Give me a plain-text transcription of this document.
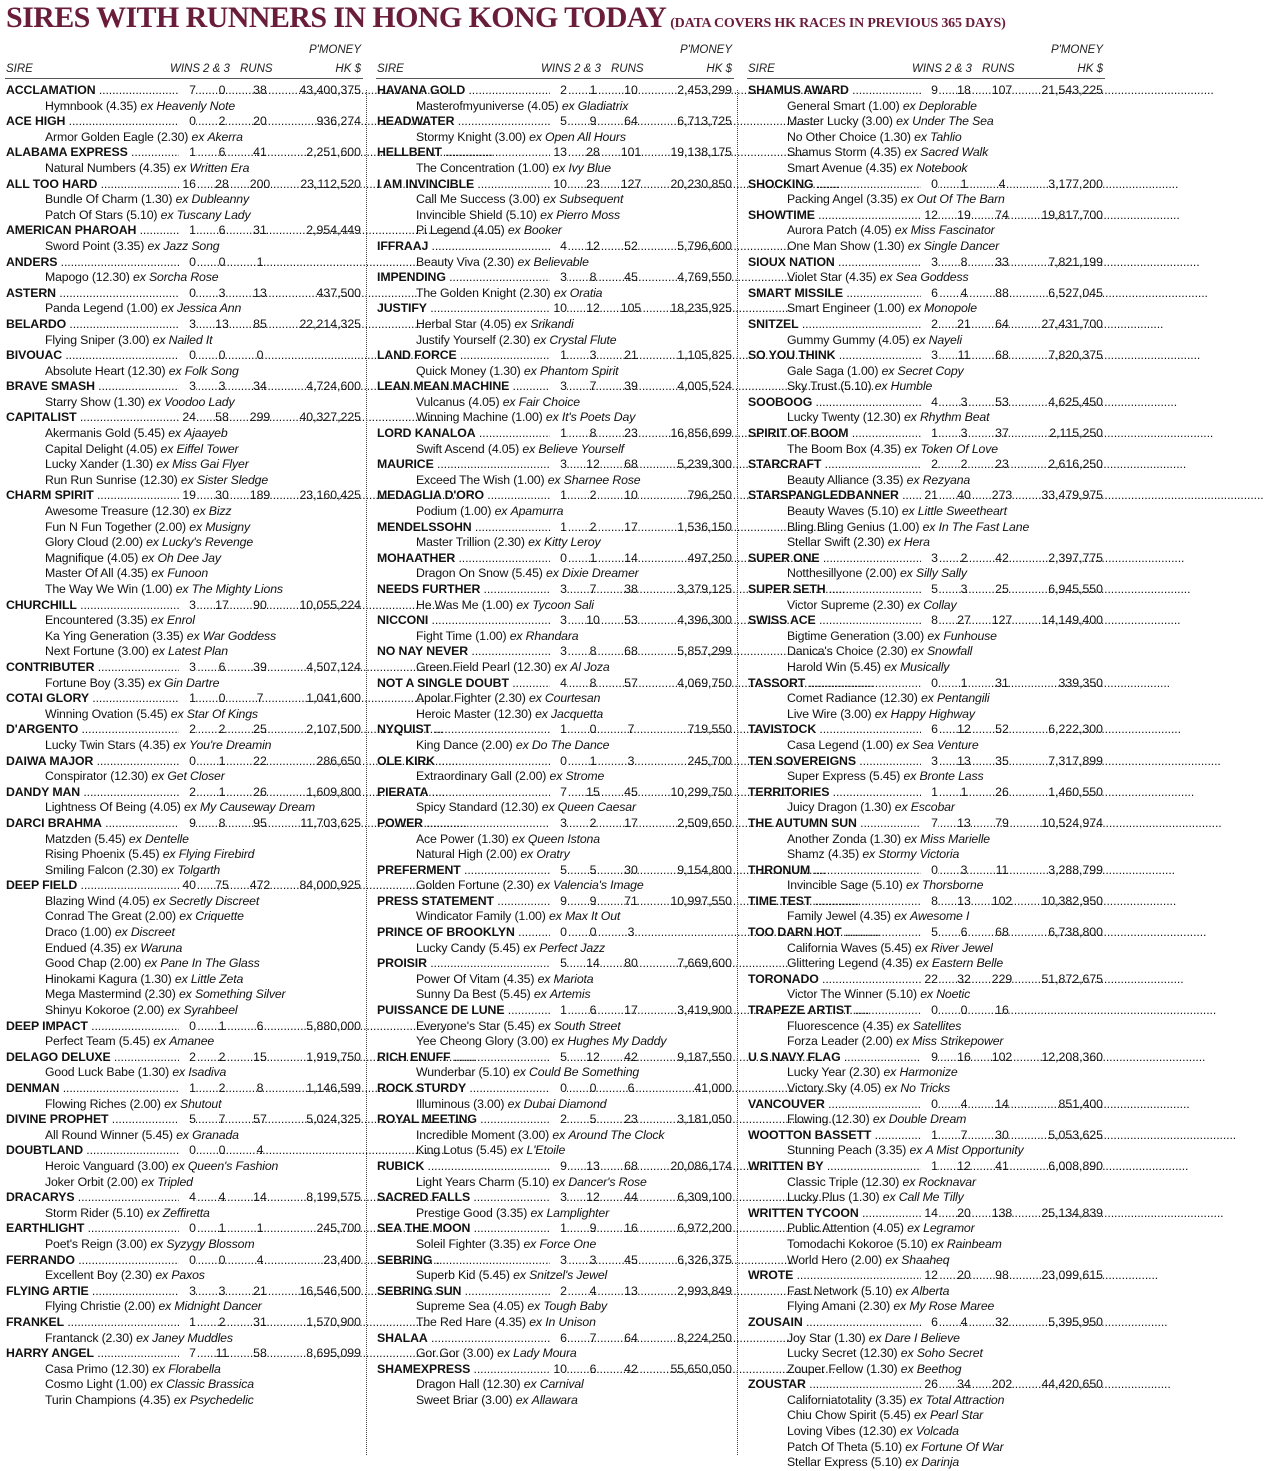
SIRES WITH RUNNERS IN HONG KONG TODAY (DATA COVERS HK RACES IN PREVIOUS 365 DAYS)
SIRE	WINS 2 & 3 RUNS
P'MONEY
HK $
ACCLAMATION .....	7	0	38	43,400,375
Hymnbook (4.35) ex Heavenly Note
ACE HIGH .....	0	2	20	936,274
Armor Golden Eagle (2.30) ex Akerra
ALABAMA EXPRESS .....	1	6	41	2,251,600
Natural Numbers (4.35) ex Written Era
ALL TOO HARD .....	16	28	200	23,112,520
Bundle Of Charm (1.30) ex Dubleanny
Patch Of Stars (5.10) ex Tuscany Lady
AMERICAN PHAROAH .....	1	6	31	2,954,449
Sword Point (3.35) ex Jazz Song
ANDERS .....	0	0	1
Mapogo (12.30) ex Sorcha Rose
ASTERN .....	0	3	13	437,500
Panda Legend (1.00) ex Jessica Ann
BELARDO .....	3	13	85	22,214,325
Flying Sniper (3.00) ex Nailed It
BIVOUAC .....	0	0	0
Absolute Heart (12.30) ex Folk Song
BRAVE SMASH .....	3	3	34	4,724,600
Starry Show (1.30) ex Voodoo Lady
CAPITALIST .....	24	58	299	40,327,225
Akermanis Gold (5.45) ex Ajaayeb
Capital Delight (4.05) ex Eiffel Tower
Lucky Xander (1.30) ex Miss Gai Flyer
Run Run Sunrise (12.30) ex Sister Sledge
CHARM SPIRIT .....	19	30	189	23,160,425
Awesome Treasure (12.30) ex Bizz
Fun N Fun Together (2.00) ex Musigny
Glory Cloud (2.00) ex Lucky's Revenge
Magnifique (4.05) ex Oh Dee Jay
Master Of All (4.35) ex Funoon
The Way We Win (1.00) ex The Mighty Lions
CHURCHILL .....	3	17	90	10,055,224
Encountered (3.35) ex Enrol
Ka Ying Generation (3.35) ex War Goddess
Next Fortune (3.00) ex Latest Plan
CONTRIBUTER .....	3	6	39	4,507,124
Fortune Boy (3.35) ex Gin Dartre
COTAI GLORY .....	1	0	7	1,041,600
Winning Ovation (5.45) ex Star Of Kings
D'ARGENTO .....	2	2	25	2,107,500
Lucky Twin Stars (4.35) ex You're Dreamin
DAIWA MAJOR .....	0	1	22	286,650
Conspirator (12.30) ex Get Closer
DANDY MAN .....	2	1	26	1,609,800
Lightness Of Being (4.05) ex My Causeway Dream
DARCI BRAHMA .....	9	8	95	11,703,625
Matzden (5.45) ex Dentelle
Rising Phoenix (5.45) ex Flying Firebird
Smiling Falcon (2.30) ex Tolgarth
DEEP FIELD .....	40	75	472	84,000,925
Blazing Wind (4.05) ex Secretly Discreet
Conrad The Great (2.00) ex Criquette
Draco (1.00) ex Discreet
Endued (4.35) ex Waruna
Good Chap (2.00) ex Pane In The Glass
Hinokami Kagura (1.30) ex Little Zeta
Mega Mastermind (2.30) ex Something Silver
Shinyu Kokoroe (2.00) ex Syrahbeel
DEEP IMPACT .....	0	1	6	5,880,000
Perfect Team (5.45) ex Amanee
DELAGO DELUXE .....	2	2	15	1,919,750
Good Luck Babe (1.30) ex Isadiva
DENMAN .....	1	2	8	1,146,599
Flowing Riches (2.00) ex Shutout
DIVINE PROPHET .....	5	7	57	5,024,325
All Round Winner (5.45) ex Granada
DOUBTLAND .....	0	0	4
Heroic Vanguard (3.00) ex Queen's Fashion
Joker Orbit (2.00) ex Tripled
DRACARYS .....	4	4	14	8,199,575
Storm Rider (5.10) ex Zeffiretta
EARTHLIGHT .....	0	1	1	245,700
Poet's Reign (3.00) ex Syzygy Blossom
FERRANDO .....	0	0	4	23,400
Excellent Boy (2.30) ex Paxos
FLYING ARTIE .....	3	3	21	16,546,500
Flying Christie (2.00) ex Midnight Dancer
FRANKEL .....	1	2	31	1,570,900
Frantanck (2.30) ex Janey Muddles
HARRY ANGEL .....	7	11	58	8,695,099
Casa Primo (12.30) ex Florabella
Cosmo Light (1.00) ex Classic Brassica
Turin Champions (4.35) ex Psychedelic
SIRE	WINS 2 & 3 RUNS
P'MONEY
HK $
HAVANA GOLD .....	2	1	10	2,453,299
Masterofmyuniverse (4.05) ex Gladiatrix
HEADWATER .....	5	9	64	6,713,725
Stormy Knight (3.00) ex Open All Hours
HELLBENT .....	13	28	101	19,138,175
The Concentration (1.00) ex Ivy Blue
I AM INVINCIBLE .....	10	23	127	20,230,850
Call Me Success (3.00) ex Subsequent
Invincible Shield (5.10) ex Pierro Moss
Pi Legend (4.05) ex Booker
IFFRAAJ .....	4	12	52	5,796,600
Beauty Viva (2.30) ex Believable
IMPENDING .....	3	8	45	4,769,550
The Golden Knight (2.30) ex Oratia
JUSTIFY .....	10	12	105	18,235,925
Herbal Star (4.05) ex Srikandi
Justify Yourself (2.30) ex Crystal Flute
LAND FORCE .....	1	3	21	1,105,825
Quick Money (1.30) ex Phantom Spirit
LEAN MEAN MACHINE .....	3	7	39	4,005,524
Vulcanus (4.05) ex Fair Choice
Winning Machine (1.00) ex It's Poets Day
LORD KANALOA .....	1	8	23	16,856,699
Swift Ascend (4.05) ex Believe Yourself
MAURICE .....	3	12	68	5,239,300
Exceed The Wish (1.00) ex Sharnee Rose
MEDAGLIA D'ORO .....	1	2	10	796,250
Podium (1.00) ex Apamurra
MENDELSSOHN .....	1	2	17	1,536,150
Master Trillion (2.30) ex Kitty Leroy
MOHAATHER .....	0	1	14	497,250
Dragon On Snow (5.45) ex Dixie Dreamer
NEEDS FURTHER .....	3	7	38	3,379,125
He Was Me (1.00) ex Tycoon Sali
NICCONI .....	3	10	53	4,396,300
Fight Time (1.00) ex Rhandara
NO NAY NEVER .....	3	8	68	5,857,299
Green Field Pearl (12.30) ex Al Joza
NOT A SINGLE DOUBT .....	4	8	57	4,069,750
Apolar Fighter (2.30) ex Courtesan
Heroic Master (12.30) ex Jacquetta
NYQUIST .....	1	0	7	719,550
King Dance (2.00) ex Do The Dance
OLE KIRK .....	0	1	3	245,700
Extraordinary Gall (2.00) ex Strome
PIERATA .....	7	15	45	10,299,750
Spicy Standard (12.30) ex Queen Caesar
POWER .....	3	2	17	2,509,650
Ace Power (1.30) ex Queen Istona
Natural High (2.00) ex Oratry
PREFERMENT .....	5	5	30	9,154,800
Golden Fortune (2.30) ex Valencia's Image
PRESS STATEMENT .....	9	9	71	10,997,550
Windicator Family (1.00) ex Max It Out
PRINCE OF BROOKLYN .....	0	0	3
Lucky Candy (5.45) ex Perfect Jazz
PROISIR .....	5	14	80	7,669,600
Power Of Vitam (4.35) ex Mariota
Sunny Da Best (5.45) ex Artemis
PUISSANCE DE LUNE .....	1	6	17	3,419,900
Everyone's Star (5.45) ex South Street
Yee Cheong Glory (3.00) ex Hughes My Daddy
RICH ENUFF .....	5	12	42	9,187,550
Wunderbar (5.10) ex Could Be Something
ROCK STURDY .....	0	0	6	41,000
Illuminous (3.00) ex Dubai Diamond
ROYAL MEETING .....	2	5	23	3,181,050
Incredible Moment (3.00) ex Around The Clock
King Lotus (5.45) ex L'Etoile
RUBICK .....	9	13	68	20,086,174
Light Years Charm (5.10) ex Dancer's Rose
SACRED FALLS .....	3	12	44	6,309,100
Prestige Good (3.35) ex Lamplighter
SEA THE MOON .....	1	9	16	6,972,200
Soleil Fighter (3.35) ex Force One
SEBRING .....	3	3	45	6,326,375
Superb Kid (5.45) ex Snitzel's Jewel
SEBRING SUN .....	2	4	13	2,993,849
Supreme Sea (4.05) ex Tough Baby
The Red Hare (4.35) ex In Unison
SHALAA .....	6	7	64	8,224,250
Gor Gor (3.00) ex Lady Moura
SHAMEXPRESS .....	10	6	42	55,650,050
Dragon Hall (12.30) ex Carnival
Sweet Briar (3.00) ex Allawara
SIRE	WINS 2 & 3 RUNS
P'MONEY
HK $
SHAMUS AWARD .....	9	18	107	21,543,225
General Smart (1.00) ex Deplorable
Master Lucky (3.00) ex Under The Sea
No Other Choice (1.30) ex Tahlio
Shamus Storm (4.35) ex Sacred Walk
Smart Avenue (4.35) ex Notebook
SHOCKING .....	0	1	4	3,177,200
Packing Angel (3.35) ex Out Of The Barn
SHOWTIME .....	12	19	74	19,817,700
Aurora Patch (4.05) ex Miss Fascinator
One Man Show (1.30) ex Single Dancer
SIOUX NATION .....	3	8	33	7,821,199
Violet Star (4.35) ex Sea Goddess
SMART MISSILE .....	6	4	88	6,527,045
Smart Engineer (1.00) ex Monopole
SNITZEL .....	2	21	64	27,431,700
Gummy Gummy (4.05) ex Nayeli
SO YOU THINK .....	3	11	68	7,820,375
Gale Saga (1.00) ex Secret Copy
Sky Trust (5.10) ex Humble
SOOBOOG .....	4	3	53	4,625,450
Lucky Twenty (12.30) ex Rhythm Beat
SPIRIT OF BOOM .....	1	3	37	2,115,250
The Boom Box (4.35) ex Token Of Love
STARCRAFT .....	2	2	23	2,616,250
Beauty Alliance (3.35) ex Rezyana
STARSPANGLEDBANNER .....	21	40	273	33,479,975
Beauty Waves (5.10) ex Little Sweetheart
Bling Bling Genius (1.00) ex In The Fast Lane
Stellar Swift (2.30) ex Hera
SUPER ONE .....	3	2	42	2,397,775
Notthesillyone (2.00) ex Silly Sally
SUPER SETH .....	5	3	25	6,945,550
Victor Supreme (2.30) ex Collay
SWISS ACE .....	8	27	127	14,149,400
Bigtime Generation (3.00) ex Funhouse
Danica's Choice (2.30) ex Snowfall
Harold Win (5.45) ex Musically
TASSORT .....	0	1	31	339,350
Comet Radiance (12.30) ex Pentangili
Live Wire (3.00) ex Happy Highway
TAVISTOCK .....	6	12	52	6,222,300
Casa Legend (1.00) ex Sea Venture
TEN SOVEREIGNS .....	3	13	35	7,317,899
Super Express (5.45) ex Bronte Lass
TERRITORIES .....	1	1	26	1,460,550
Juicy Dragon (1.30) ex Escobar
THE AUTUMN SUN .....	7	13	79	10,524,974
Another Zonda (1.30) ex Miss Marielle
Shamz (4.35) ex Stormy Victoria
THRONUM .....	0	3	11	3,288,799
Invincible Sage (5.10) ex Thorsborne
TIME TEST .....	8	13	102	10,382,950
Family Jewel (4.35) ex Awesome I
TOO DARN HOT .....	5	6	68	6,738,800
California Waves (5.45) ex River Jewel
Glittering Legend (4.35) ex Eastern Belle
TORONADO .....	22	32	229	51,872,675
Victor The Winner (5.10) ex Noetic
TRAPEZE ARTIST .....	0	0	16
Fluorescence (4.35) ex Satellites
Forza Leader (2.00) ex Miss Strikepower
U S NAVY FLAG .....	9	16	102	12,208,360
Lucky Year (2.30) ex Harmonize
Victory Sky (4.05) ex No Tricks
VANCOUVER .....	0	4	14	851,400
Flowing (12.30) ex Double Dream
WOOTTON BASSETT .....	1	7	30	5,053,625
Stunning Peach (3.35) ex A Mist Opportunity
WRITTEN BY .....	1	12	41	6,008,890
Classic Triple (12.30) ex Rocknavar
Lucky Plus (1.30) ex Call Me Tilly
WRITTEN TYCOON .....	14	20	138	25,134,839
Public Attention (4.05) ex Legramor
Tomodachi Kokoroe (5.10) ex Rainbeam
World Hero (2.00) ex Shaaheq
WROTE .....	12	20	98	23,099,615
Fast Network (5.10) ex Alberta
Flying Amani (2.30) ex My Rose Maree
ZOUSAIN .....	6	4	32	5,395,950
Joy Star (1.30) ex Dare I Believe
Lucky Secret (12.30) ex Soho Secret
Zouper Fellow (1.30) ex Beethog
ZOUSTAR .....	26	34	202	44,420,650
Californiatotality (3.35) ex Total Attraction
Chiu Chow Spirit (5.45) ex Pearl Star
Loving Vibes (12.30) ex Volcada
Patch Of Theta (5.10) ex Fortune Of War
Stellar Express (5.10) ex Darinja
